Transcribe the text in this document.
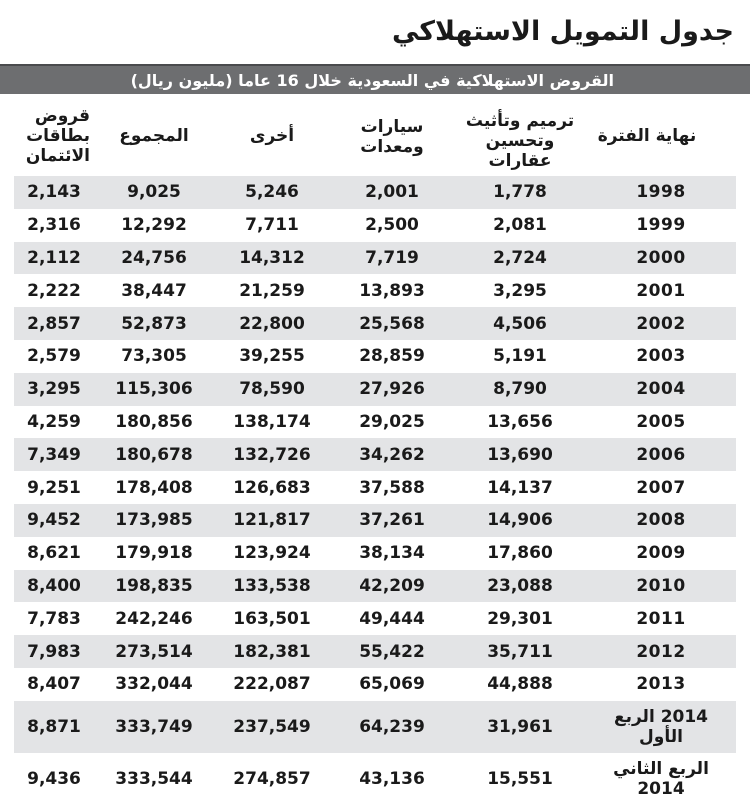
جدول التمويل الاستهلاكي
القروض الاستهلاكية في السعودية خلال 16 عاما (مليون ريال)
نهاية الفترة
ترميم وتأثيث
وتحسين
عقارات
سيارات
ومعدات
أخرى
المجموع
قروض
بطاقات
الائتمان
1998
1,778
2,001
5,246
9,025
2,143
1999
2,081
2,500
7,711
12,292
2,316
2000
2,724
7,719
14,312
24,756
2,112
2001
3,295
13,893
21,259
38,447
2,222
2002
4,506
25,568
22,800
52,873
2,857
2003
5,191
28,859
39,255
73,305
2,579
2004
8,790
27,926
78,590
115,306
3,295
2005
13,656
29,025
138,174
180,856
4,259
2006
13,690
34,262
132,726
180,678
7,349
2007
14,137
37,588
126,683
178,408
9,251
2008
14,906
37,261
121,817
173,985
9,452
2009
17,860
38,134
123,924
179,918
8,621
2010
23,088
42,209
133,538
198,835
8,400
2011
29,301
49,444
163,501
242,246
7,783
2012
35,711
55,422
182,381
273,514
7,983
2013
44,888
65,069
222,087
332,044
8,407
2014 الربع
الأول
31,961
64,239
237,549
333,749
8,871
الربع الثاني
2014
15,551
43,136
274,857
333,544
9,436
